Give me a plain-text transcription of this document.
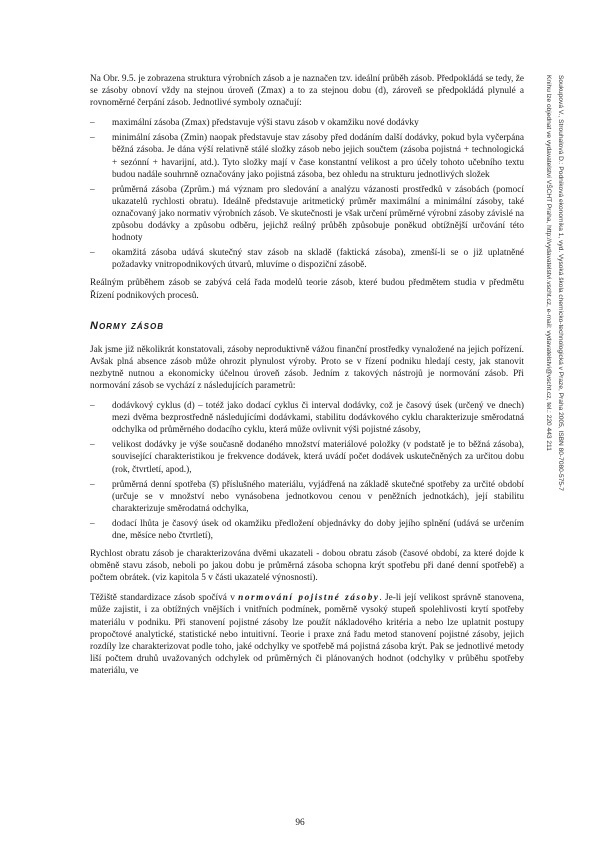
Na Obr. 9.5. je zobrazena struktura výrobních zásob a je naznačen tzv. ideální průběh zásob. Předpokládá se tedy, že se zásoby obnoví vždy na stejnou úroveň (Zmax) a to za stejnou dobu (d), zároveň se předpokládá plynulé a rovnoměrné čerpání zásob. Jednotlivé symboly označují:

– maximální zásoba (Zmax) představuje výši stavu zásob v okamžiku nové dodávky
– minimální zásoba (Zmin) naopak představuje stav zásoby před dodáním další dodávky, pokud byla vyčerpána běžná zásoba. Je dána výší relativně stálé složky zásob nebo jejich součtem (zásoba pojistná + technologická + sezónní + havarijní, atd.). Tyto složky mají v čase konstantní velikost a pro účely tohoto učebního textu budou nadále souhrnně označovány jako pojistná zásoba, bez ohledu na strukturu jednotlivých složek
– průměrná zásoba (Zprům.) má význam pro sledování a analýzu vázanosti prostředků v zásobách (pomocí ukazatelů rychlosti obratu). Ideálně představuje aritmetický průměr maximální a minimální zásoby, také označovaný jako normativ výrobních zásob. Ve skutečnosti je však určení průměrné výrobní zásoby závislé na způsobu dodávky a způsobu odběru, jejichž reálný průběh způsobuje poněkud obtížnější určování této hodnoty
– okamžitá zásoba udává skutečný stav zásob na skladě (faktická zásoba), zmenší-li se o již uplatněné požadavky vnitropodnikových útvarů, mluvíme o dispoziční zásobě.

Reálným průběhem zásob se zabývá celá řada modelů teorie zásob, které budou předmětem studia v předmětu Řízení podnikových procesů.

Normy zásob

Jak jsme již několikrát konstatovali, zásoby neproduktivně vážou finanční prostředky vynaložené na jejich pořízení. Avšak plná absence zásob může ohrozit plynulost výroby. Proto se v řízení podniku hledají cesty, jak stanovit nezbytně nutnou a ekonomicky účelnou úroveň zásob. Jedním z takových nástrojů je normování zásob. Při normování zásob se vychází z následujících parametrů:

– dodávkový cyklus (d) – totéž jako dodací cyklus či interval dodávky, což je časový úsek (určený ve dnech) mezi dvěma bezprostředně následujícími dodávkami, stabilitu dodávkového cyklu charakterizuje směrodatná odchylka od průměrného dodacího cyklu, která může ovlivnit výši pojistné zásoby,
– velikost dodávky je výše současně dodaného množství materiálové položky (v podstatě je to běžná zásoba), související charakteristikou je frekvence dodávek, která uvádí počet dodávek uskutečněných za určitou dobu (rok, čtvrtletí, apod.),
– průměrná denní spotřeba (s̅) příslušného materiálu, vyjádřená na základě skutečné spotřeby za určité období (určuje se v množství nebo vynásobena jednotkovou cenou v peněžních jednotkách), její stabilitu charakterizuje směrodatná odchylka,
– dodací lhůta je časový úsek od okamžiku předložení objednávky do doby jejího splnění (udává se určením dne, měsíce nebo čtvrtletí),

Rychlost obratu zásob je charakterizována dvěmi ukazateli - dobou obratu zásob (časové období, za které dojde k obměně stavu zásob, neboli po jakou dobu je průměrná zásoba schopna krýt spotřebu při dané denní spotřebě) a počtem obrátek. (viz kapitola 5 v části ukazatelé výnosnosti).

Těžiště standardizace zásob spočívá v normování pojistné zásoby. Je-li její velikost správně stanovena, může zajistit, i za obtížných vnějších i vnitřních podmínek, poměrně vysoký stupeň spolehlivosti krytí spotřeby materiálu v podniku. Při stanovení pojistné zásoby lze použít nákladového kritéria a nebo lze uplatnit postupy propočtové analytické, statistické nebo intuitivní. Teorie i praxe zná řadu metod stanovení pojistné zásoby, jejich rozdíly lze charakterizovat podle toho, jaké odchylky ve spotřebě má pojistná zásoba krýt. Pak se jednotlivé metody liší počtem druhů uvažovaných odchylek od průměrných či plánovaných hodnot (odchylky v průběhu spotřeby materiálu, ve

Soukupová V., Strouhalová D.: Podniková ekonomika 1, vyd. Vysoká škola chemicko-technologická v Praze, Praha 2005, ISBN 80-7080-575-7
Knihu lze objednat ve vydavatelství VŠCHT Praha, http://vydavatelstvi.vscht.cz, e-mail: vydavatelstvi@vscht.cz, tel.: 220 443 211
96
